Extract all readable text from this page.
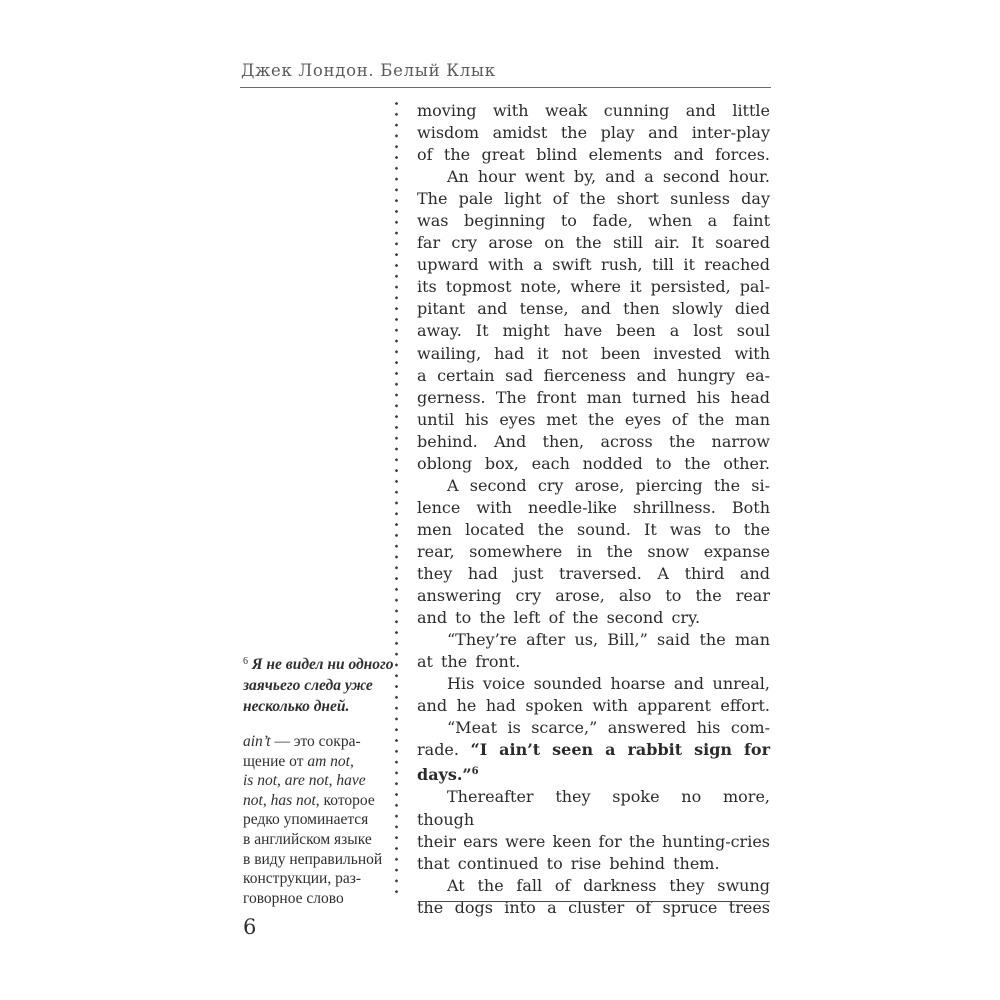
Джек Лондон. Белый Клык
$^6$ Я не видел ни одного
заячьего следа уже
несколько дней.
ain’t — это сокра-
щение от am not,
is not, are not, have
not, has not, которое
редко упоминается
в английском языке
в виду неправильной
конструкции, раз-
говорное слово
moving with weak cunning and little
wisdom amidst the play and inter-play
of the great blind elements and forces.
An hour went by, and a second hour.
The pale light of the short sunless day
was beginning to fade, when a faint
far cry arose on the still air. It soared
upward with a swift rush, till it reached
its topmost note, where it persisted, pal-
pitant and tense, and then slowly died
away. It might have been a lost soul
wailing, had it not been invested with
a certain sad fierceness and hungry ea-
gerness. The front man turned his head
until his eyes met the eyes of the man
behind. And then, across the narrow
oblong box, each nodded to the other.
A second cry arose, piercing the si-
lence with needle-like shrillness. Both
men located the sound. It was to the
rear, somewhere in the snow expanse
they had just traversed. A third and
answering cry arose, also to the rear
and to the left of the second cry.
“They’re after us, Bill,” said the man
at the front.
His voice sounded hoarse and unreal,
and he had spoken with apparent effort.
“Meat is scarce,” answered his com-
rade. “I ain’t seen a rabbit sign for
days.”$^6$
Thereafter they spoke no more, though
their ears were keen for the hunting-cries
that continued to rise behind them.
At the fall of darkness they swung
the dogs into a cluster of spruce trees
6
